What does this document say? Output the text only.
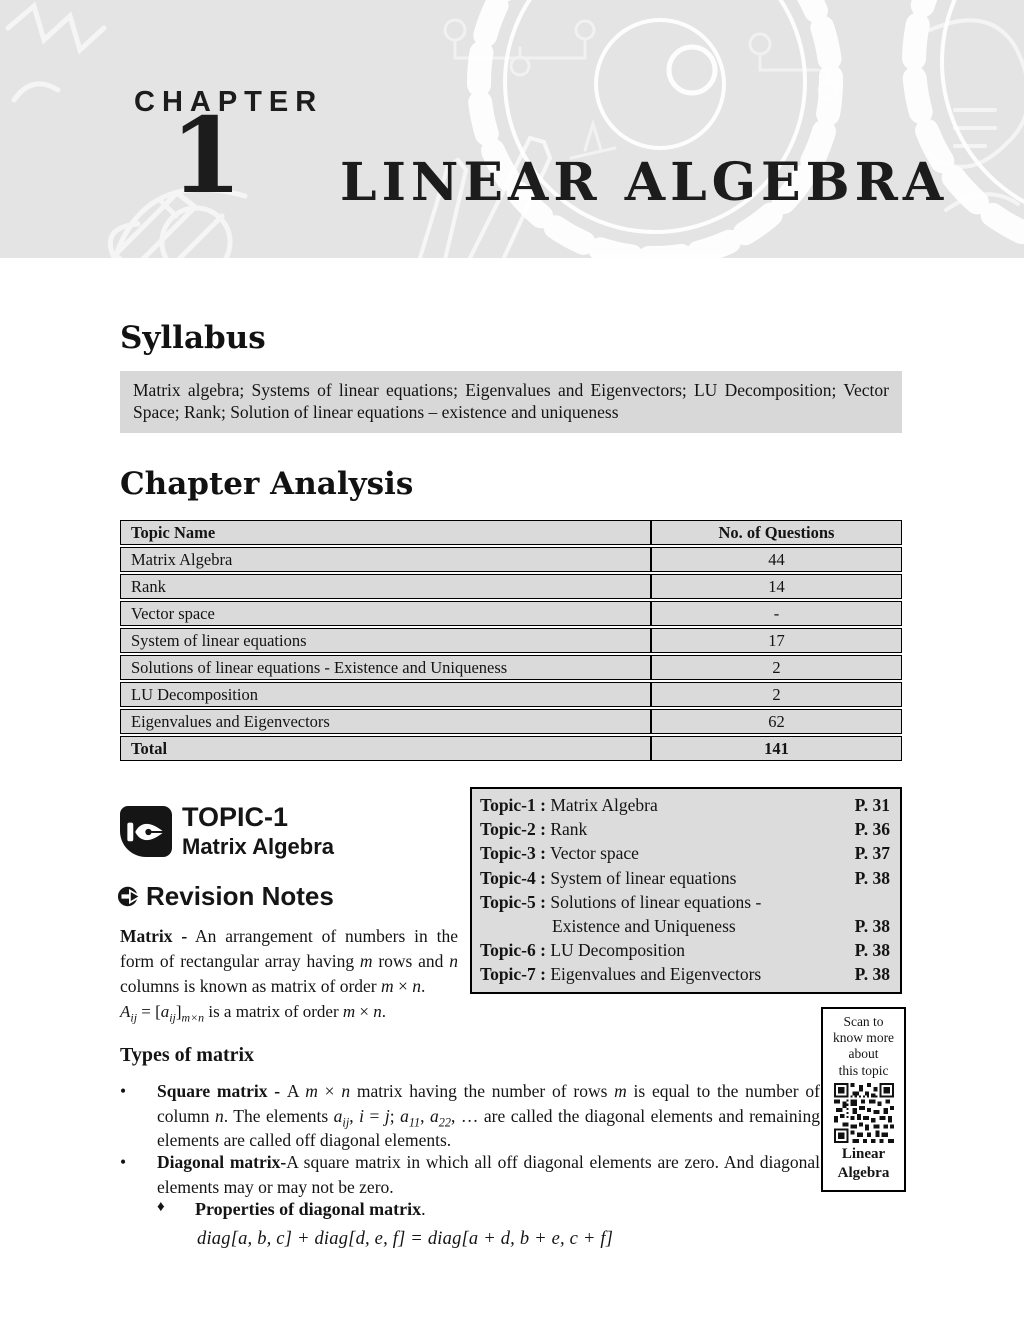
CHAPTER
1 LINEAR ALGEBRA
Syllabus
Matrix algebra; Systems of linear equations; Eigenvalues and Eigenvectors; LU Decomposition; Vector Space; Rank; Solution of linear equations – existence and uniqueness
Chapter Analysis
Topic Name	No. of Questions
Matrix Algebra	44
Rank	14
Vector space	-
System of linear equations	17
Solutions of linear equations - Existence and Uniqueness	2
LU Decomposition	2
Eigenvalues and Eigenvectors	62
Total	141
TOPIC-1
Matrix Algebra
Topic-1 : Matrix Algebra	P. 31
Topic-2 : Rank	P. 36
Topic-3 : Vector space	P. 37
Topic-4 : System of linear equations	P. 38
Topic-5 : Solutions of linear equations -
Existence and Uniqueness	P. 38
Topic-6 : LU Decomposition	P. 38
Topic-7 : Eigenvalues and Eigenvectors	P. 38
Revision Notes
Matrix - An arrangement of numbers in the form of rectangular array having m rows and n columns is known as matrix of order m × n.
$A_{ij} = [a_{ij}]_{m\times n}$ is a matrix of order m × n.
Types of matrix
•	Square matrix - A m × n matrix having the number of rows m is equal to the number of column n. The elements $a_{ij}$, i = j; $a_{11}$, $a_{22}$, … are called the diagonal elements and remaining elements are called off diagonal elements.
•	Diagonal matrix-A square matrix in which all off diagonal elements are zero. And diagonal elements may or may not be zero.
♦	Properties of diagonal matrix.
diag[a, b, c] + diag[d, e, f] = diag[a + d, b + e, c + f]
Scan to
know more
about
this topic
Linear
Algebra
